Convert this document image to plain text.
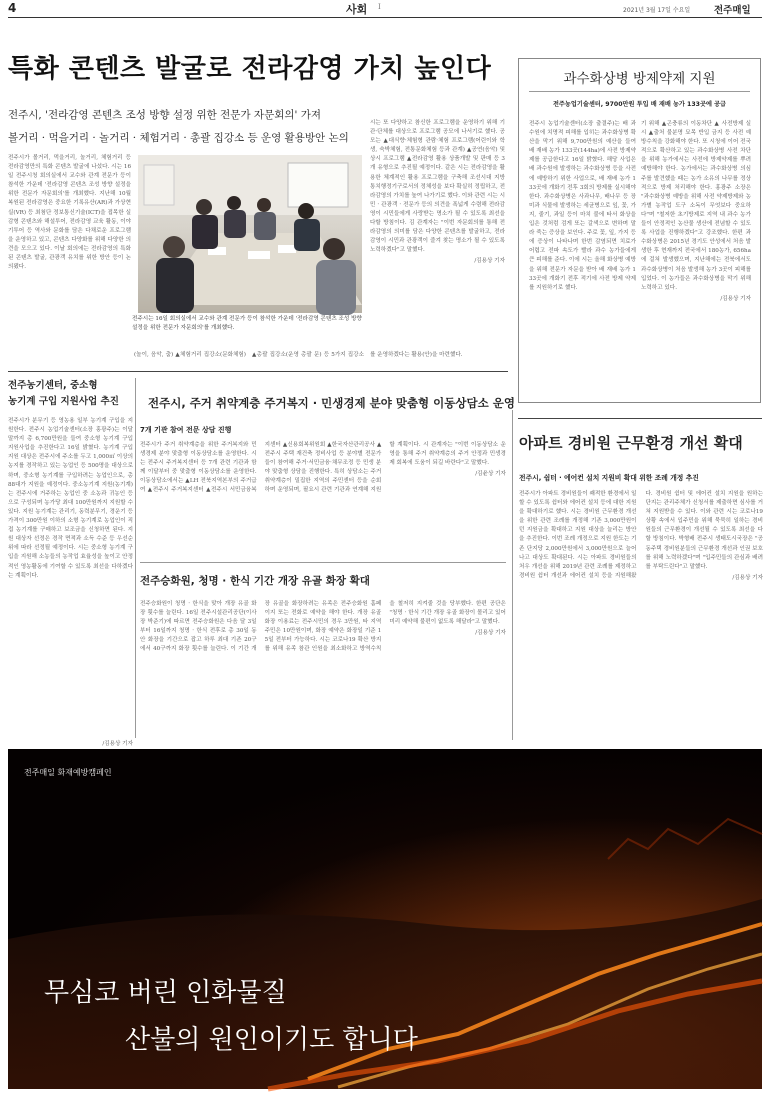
4	사회 I	2021년 3월 17일 수요일	전주매일
특화 콘텐츠 발굴로 전라감영 가치 높인다
전주시, '전라감영 콘텐츠 조성 방향 설정 위한 전문가 자문회의' 가져
볼거리 · 먹을거리 · 놀거리 · 체험거리 · 총괄 집강소 등 운영 활용방안 논의
전주시가 볼거리, 먹을거리, 놀거리, 체험거리 등 전라감영만의 특화 콘텐츠 발굴에 나섰다. 시는 16일 전주시청 회의실에서 교수와 관계 전문가 등이 참석한 가운데 '전라감영 콘텐츠 조성 방향 설정을 위한 전문가 자문회의'를 개최했다. 지난해 10월 복원된 전라감영은 중요한 기록유산(AR)과 가상현실(VR) 등 최첨단 정보통신기술(ICT)을 접목한 실감형 콘텐츠와 해설투어, 전라감영 교육 활동, 이야기투어 등 역사와 문화를 담은 다채로운 프로그램을 운영하고 있고, 콘텐츠 다양화를 위해 다양한 의견을 모으고 있다. 이날 회의에는 전라감영의 특화된 콘텐츠 발굴, 관광객 유치를 위한 방안 등이 논의됐다.
전주시는 16일 회의실에서 교수와 관계 전문가 등이 참석한 가운데 '전라감영 콘텐츠 조성 방향 설정을 위한 전문가 자문회의'를 개최했다.
(놀이, 음악, 춤) ▲체험거리 집강소(문화체험) ▲총괄 집강소(운영 총괄 문) 등 5가지 집강소를 운영하겠다는 활용(안)을 마련했다.
시는 또 다양하고 참신한 프로그램을 운영하기 위해 기관·단체를 대상으로 프로그램 공모에 나서기로 했다. 공모는 ▲대식향·체험형 관람·체험 프로그램(어린이와 학생, 숙박체험, 전통문화체험 등과 관계) ▲공연(음악) 및 상시 프로그램 ▲전라감영 활용 상품개발 및 판매 등 3개 유형으로 추진될 예정이다. 같은 시는 전라감영을 활용한 체계적인 활용 프로그램을 구축해 조선시대 지방 통치행정기구로서의 정체성을 보다 확실히 정립하고, 전라감영의 가치를 높여 나가기로 했다. 이와 관련 시는 시민 · 관광객 · 전문가 등의 의견을 폭넓게 수렴해 전라감영이 시민들에게 사랑받는 명소가 될 수 있도록 최선을 다할 방침이다. 김 관계자는 "이번 자문회의를 통해 전라감영의 의미를 담은 다양한 콘텐츠를 발굴하고, 전라감영이 시민과 관광객이 즐겨 찾는 명소가 될 수 있도록 노력하겠다"고 말했다.
/김용상 기자
과수화상병 방제약제 지원
전주농업기술센터, 9700만원 투입 배 재배 농가 133곳에 공급
전주시 농업기술센터(소장 출결주)는 배 과수원에 치명적 피해를 입히는 과수화상병 확산을 막기 위해 9,700만원의 예산을 들여 배 재배 농가 133곳(144ha)에 사전 방제약제를 공급한다고 16일 밝혔다. 해당 사업은 배 과수원에 발생하는 과수화상병 등을 사전에 예방하기 위한 사업으로, 배 재배 농가 133곳에 개화기 전후 3회의 방제를 실시해야 한다. 과수화상병은 사과나무, 배나무 등 장미과 식물에 발생하는 세균병으로 잎, 꽃, 가지, 줄기, 과일 등이 마치 불에 타서 화상을 입은 것처럼 검게 또는 갈색으로 변하며 말라 죽는 증상을 보인다. 주로 꽃, 잎, 가지 등에 증상이 나타나며 한번 감염되면 치료가 어렵고 전파 속도가 빨라 과수 농가들에게 큰 피해를 준다. 이에 시는 올해 화상병 예방을 위해 전문가 자문을 받아 배 재배 농가 133곳에 개화기 전후 적기에 사전 방제 약제를 지원하기로 했다.
기 위해 ▲곤충류의 이동차단 ▲ 사전방제 실시 ▲출처 불분명 묘목 반입 금지 등 사전 예방수칙을 강화해야 한다. 또 시청에 이어 전국적으로 확산하고 있는 과수화상병 사전 차단을 위해 농가에서는 사전에 방제약제를 뿌려 예방해야 한다. 농가에서는 과수화상병 의심주를 발견했을 때는 농가 소유의 나무를 정상적으로 방제 처리해야 한다. 홍광주 소장은 "과수화상병 예방을 위해 사전 약제방제와 농가별 농작업 도구 소독이 무엇보다 중요하다"며 "철저한 초기방제로 지역 내 과수 농가들이 안정적인 농산물 생산에 전념할 수 있도록 사업을 진행하겠다"고 강조했다. 한편 과수화상병은 2015년 경기도 안성에서 처음 발생한 후 현재까지 전국에서 180농가, 656ha에 걸쳐 발생했으며, 지난해에는 전북에서도 과수화상병이 처음 발생해 농가 3곳이 피해를 입었다. 이 농가들은 과수화상병을 막기 위해 노력하고 있다.
/김용상 기자
전주농기센터, 중소형
농기계 구입 지원사업 추진
전주시가 분무기 등 영농용 일부 농기계 구입을 지원한다. 전주시 농업기술센터(소장 홍광주)는 이달 말까지 총 6,700만원을 들여 중소형 농기계 구입 지원사업을 추진한다고 16일 밝혔다. 농기계 구입 지원 대상은 전주시에 주소를 두고 1,000㎡ 이상의 농지를 경작하고 있는 농업인 등 500명을 대상으로 하며, 중소형 농기계를 구입하려는 농업인으로, 총 88대가 지원을 예정이다. 중소농기계 지원(농기계)는 전주시에 거주하는 농업인 중 소농과 귀농인 등으로 구성되며 농가당 최대 100만원까지 지원할 수 있다. 지원 농기계는 관리기, 동력분무기, 경운기 등 가격이 300만원 이하의 소형 농기계로 농업인이 직접 농기계를 구매하고 보조금을 신청하면 된다. 지원 대상자 선정은 경작 면적과 소득 수준 등 우선순위에 따라 선정될 예정이다. 시는 중소형 농기계 구입을 지원해 소농들의 농작업 효율성을 높이고 안정적인 영농활동에 기여할 수 있도록 최선을 다하겠다는 계획이다.
/김용상 기자
전주시, 주거 취약계층 주거복지 · 민생경제 분야 맞춤형 이동상담소 운영
7개 기관 참여 전문 상담 진행
전주시가 주거 취약계층을 위한 주거복지와 민생경제 분야 맞춤형 이동상담소를 운영한다. 시는 전주시 주거복지센터 등 7개 관련 기관과 함께 이달부터 중 맞춤형 이동상담소를 운영한다. 이동상담소에서는 ▲LH 전북지역본부의 주거급여 ▲전주시 주거복지센터 ▲전주시 서민금융복지센터 ▲신용회복위원회 ▲한국자산관리공사 ▲전주시 주택 재건축 정비사업 등 분야별 전문가들이 참여해 주거·서민금융·채무조정 등 민생 분야 맞춤형 상담을 진행한다. 특히 상담소는 주거 취약계층이 밀집한 지역의 주민센터 등을 순회하며 운영되며, 필요시 관련 기관과 연계해 지원할 계획이다. 시 관계자는 "이번 이동상담소 운영을 통해 주거 취약계층의 주거 안정과 민생경제 회복에 도움이 되길 바란다"고 말했다.
/김윤상 기자
전주승화원, 청명 · 한식 기간 개장 유골 화장 확대
전주승화원이 청명 · 한식을 맞아 개장 유골 화장 횟수를 늘린다. 16일 전주시설관리공단(이사장 박준기)에 따르면 전주승화원은 다음 달 3일부터 16일까지 청명 · 한식 전후로 총 30일 동안 화장을 기간으로 잡고 하루 최대 기존 20구에서 40구까지 화장 횟수를 늘린다. 이 기간 개장 유골을 화장하려는 유족은 전주승화원 홈페이지 또는 전화로 예약을 해야 한다. 개장 유골 화장 이용료는 전주시민의 경우 3만원, 타 지역 주민은 10만원이며, 화장 예약은 화장일 기준 15일 전부터 가능하다. 시는 코로나19 확산 방지를 위해 유족 참관 인원을 최소화하고 방역수칙을 철저히 지켜줄 것을 당부했다. 한편 공단은 "청명 · 한식 기간 개장 유골 화장이 몰리고 있어 미리 예약해 불편이 없도록 해달라"고 말했다.
/김용상 기자
아파트 경비원 근무환경 개선 확대
전주시, 쉼터 · 에어컨 설치 지원비 확대 위한 조례 개정 추진
전주시가 아파트 경비원들이 쾌적한 환경에서 일할 수 있도록 쉼터와 에어컨 설치 등에 대한 지원을 확대하기로 했다. 시는 경비원 근무환경 개선을 위한 관련 조례를 개정해 기존 3,000만원이던 지원금을 확대하고 지원 대상을 늘리는 방안을 추진한다. 이번 조례 개정으로 지원 한도는 기존 단지당 2,000만원에서 3,000만원으로 늘어나고 대상도 확대된다. 시는 아파트 경비원들의 처우 개선을 위해 2019년 관련 조례를 제정하고 경비원 쉼터 개선과 에어컨 설치 등을 지원해왔다. 경비원 쉼터 및 에어컨 설치 지원을 원하는 단지는 관리주체가 신청서를 제출하면 심사를 거쳐 지원받을 수 있다. 이와 관련 시는 코로나19 상황 속에서 입주민을 위해 묵묵히 일하는 경비원들의 근무환경이 개선될 수 있도록 최선을 다할 방침이다. 박형배 전주시 생태도시국장은 "공동주택 경비원분들의 근무환경 개선과 인권 보호를 위해 노력하겠다"며 "입주민들의 관심과 배려를 부탁드린다"고 말했다.
/김용상 기자
전주매일 화재예방캠페인
무심코 버린 인화물질
산불의 원인이기도 합니다
